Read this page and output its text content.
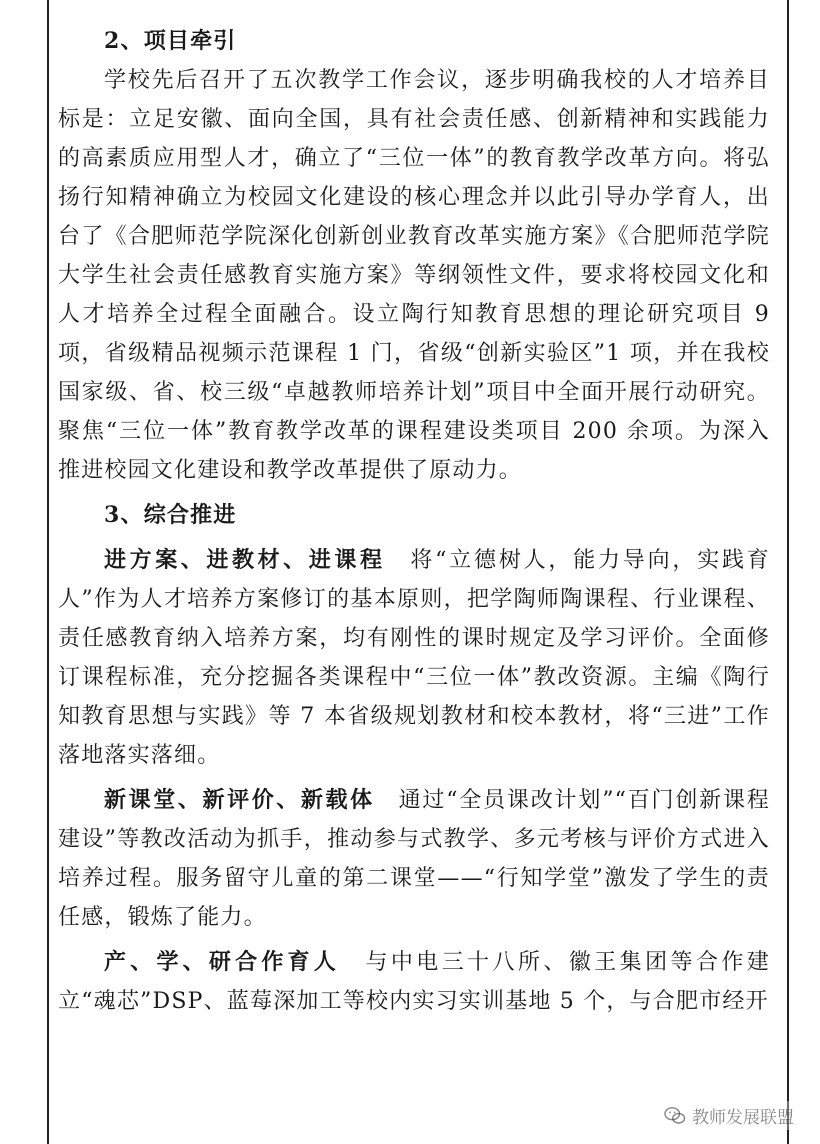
2、项目牵引

学校先后召开了五次教学工作会议，逐步明确我校的人才培养目标是：立足安徽、面向全国，具有社会责任感、创新精神和实践能力的高素质应用型人才，确立了“三位一体”的教育教学改革方向。将弘扬行知精神确立为校园文化建设的核心理念并以此引导办学育人，出台了《合肥师范学院深化创新创业教育改革实施方案》《合肥师范学院大学生社会责任感教育实施方案》等纲领性文件，要求将校园文化和人才培养全过程全面融合。设立陶行知教育思想的理论研究项目 9 项，省级精品视频示范课程 1 门，省级“创新实验区”1 项，并在我校国家级、省、校三级“卓越教师培养计划”项目中全面开展行动研究。聚焦“三位一体”教育教学改革的课程建设类项目 200 余项。为深入推进校园文化建设和教学改革提供了原动力。

3、综合推进

进方案、进教材、进课程  将“立德树人，能力导向，实践育人”作为人才培养方案修订的基本原则，把学陶师陶课程、行业课程、责任感教育纳入培养方案，均有刚性的课时规定及学习评价。全面修订课程标准，充分挖掘各类课程中“三位一体”教改资源。主编《陶行知教育思想与实践》等 7 本省级规划教材和校本教材，将“三进”工作落地落实落细。

新课堂、新评价、新载体  通过“全员课改计划”“百门创新课程建设”等教改活动为抓手，推动参与式教学、多元考核与评价方式进入培养过程。服务留守儿童的第二课堂——“行知学堂”激发了学生的责任感，锻炼了能力。

产、学、研合作育人  与中电三十八所、徽王集团等合作建立“魂芯”DSP、蓝莓深加工等校内实习实训基地 5 个，与合肥市经开

教师发展联盟
